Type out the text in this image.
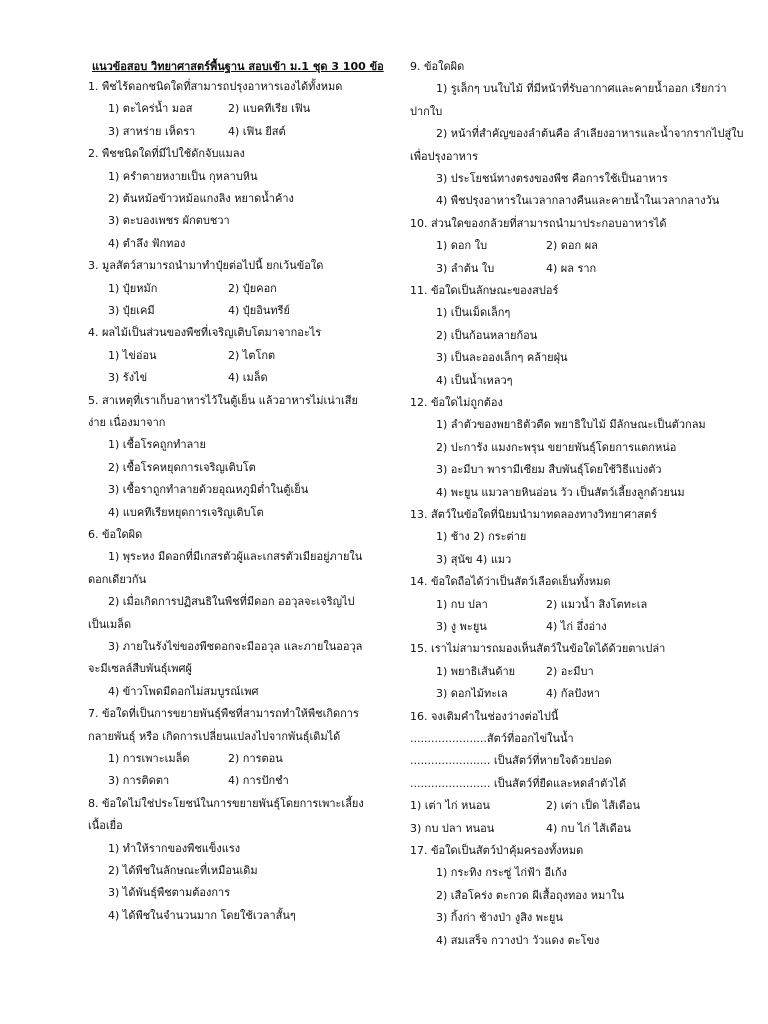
แนวข้อสอบ วิทยาศาสตร์พื้นฐาน สอบเข้า ม.1 ชุด 3 100 ข้อ
1. พืชไร้ดอกชนิดใดที่สามารถปรุงอาหารเองได้ทั้งหมด
1) ตะไคร่น้ำ มอส	2) แบคทีเรีย เฟิน
3) สาหร่าย เห็ดรา	4) เฟิน ยีสต์
2. พืชชนิดใดที่มีไปใช้ดักจับแมลง
1) ครําตายหงายเป็น กุหลาบหิน
2) ต้นหม้อข้าวหม้อแกงลิง หยาดน้ำค้าง
3) ตะบองเพชร ผักตบชวา
4) ตำลึง ฟักทอง
3. มูลสัตว์สามารถนำมาทำปุ๋ยต่อไปนี้ ยกเว้นข้อใด
1) ปุ๋ยหมัก	2) ปุ๋ยคอก
3) ปุ๋ยเคมี	4) ปุ๋ยอินทรีย์
4. ผลไม้เป็นส่วนของพืชที่เจริญเติบโตมาจากอะไร
1) ไข่อ่อน	2) ไตโกต
3) รังไข่	4) เมล็ด
5. สาเหตุที่เราเก็บอาหารไว้ในตู้เย็น แล้วอาหารไม่เน่าเสีย
ง่าย เนื่องมาจาก
1) เชื้อโรคถูกทำลาย
2) เชื้อโรคหยุดการเจริญเติบโต
3) เชื้อราถูกทำลายด้วยอุณหภูมิต่ำในตู้เย็น
4) แบคทีเรียหยุดการเจริญเติบโต
6. ข้อใดผิด
1) พุระหง มีดอกที่มีเกสรตัวผู้และเกสรตัวเมียอยู่ภายใน
ดอกเดียวกัน
2) เมื่อเกิดการปฏิสนธิในพืชที่มีดอก ออวุลจะเจริญไป
เป็นเมล็ด
3) ภายในรังไข่ของพืชดอกจะมีออวุล และภายในออวุล
จะมีเซลล์สืบพันธุ์เพศผู้
4) ข้าวโพดมีดอกไม่สมบูรณ์เพศ
7. ข้อใดที่เป็นการขยายพันธุ์พืชที่สามารถทำให้พืชเกิดการ
กลายพันธุ์ หรือ เกิดการเปลี่ยนแปลงไปจากพันธุ์เดิมได้
1) การเพาะเมล็ด	2) การตอน
3) การติดตา	4) การปักชำ
8. ข้อใดไม่ใช่ประโยชน์ในการขยายพันธุ์โดยการเพาะเลี้ยง
เนื้อเยื่อ
1) ทำให้รากของพืชแข็งแรง
2) ได้พืชในลักษณะที่เหมือนเดิม
3) ได้พันธุ์พืชตามต้องการ
4) ได้พืชในจำนวนมาก โดยใช้เวลาสั้นๆ
9. ข้อใดผิด
1) รูเล็กๆ บนใบไม้ ที่มีหน้าที่รับอากาศและคายน้ำออก เรียกว่า
ปากใบ
2) หน้าที่สำคัญของลำต้นคือ ลำเลียงอาหารและน้ำจากรากไปสู่ใบ
เพื่อปรุงอาหาร
3) ประโยชน์ทางตรงของพืช คือการใช้เป็นอาหาร
4) พืชปรุงอาหารในเวลากลางคืนและคายน้ำในเวลากลางวัน
10. ส่วนใดของกล้วยที่สามารถนำมาประกอบอาหารได้
1) ดอก ใบ	2) ดอก ผล
3) ลำต้น ใบ	4) ผล ราก
11. ข้อใดเป็นลักษณะของสปอร์
1) เป็นเม็ดเล็กๆ
2) เป็นก้อนหลายก้อน
3) เป็นละอองเล็กๆ คล้ายฝุ่น
4) เป็นน้ำเหลวๆ
12. ข้อใดไม่ถูกต้อง
1) ลำตัวของพยาธิตัวตืด พยาธิใบไม้ มีลักษณะเป็นตัวกลม
2) ปะการัง แมงกะพรุน ขยายพันธุ์โดยการแตกหน่อ
3) อะมีบา พารามีเซียม สืบพันธุ์โดยใช้วิธีแบ่งตัว
4) พะยูน แมวลายหินอ่อน วัว เป็นสัตว์เลี้ยงลูกด้วยนม
13. สัตว์ในข้อใดที่นิยมนำมาทดลองทางวิทยาศาสตร์
1) ช้าง 2) กระต่าย
3) สุนัข 4) แมว
14. ข้อใดถือได้ว่าเป็นสัตว์เลือดเย็นทั้งหมด
1) กบ ปลา	2) แมวน้ำ สิงโตทะเล
3) งู พะยูน	4) ไก่ อึ่งอ่าง
15. เราไม่สามารถมองเห็นสัตว์ในข้อใดได้ด้วยตาเปล่า
1) พยาธิเส้นด้าย	2) อะมีบา
3) ดอกไม้ทะเล	4) กัลปังหา
16. จงเติมคำในช่องว่างต่อไปนี้
......................สัตว์ที่ออกไข่ในน้ำ
....................... เป็นสัตว์ที่หายใจด้วยปอด
....................... เป็นสัตว์ที่ยืดและหดลำตัวได้
1) เต่า ไก่ หนอน	2) เต่า เป็ด ไส้เดือน
3) กบ ปลา หนอน	4) กบ ไก่ ไส้เดือน
17. ข้อใดเป็นสัตว์ป่าคุ้มครองทั้งหมด
1) กระทิง กระซู่ ไก่ฟ้า อีเก้ง
2) เสือโคร่ง ตะกวด ผีเสื้อถุงทอง หมาใน
3) กิ้งก่า ช้างป่า งูสิง พะยูน
4) สมเสร็จ กวางป่า วัวแดง ตะโขง
